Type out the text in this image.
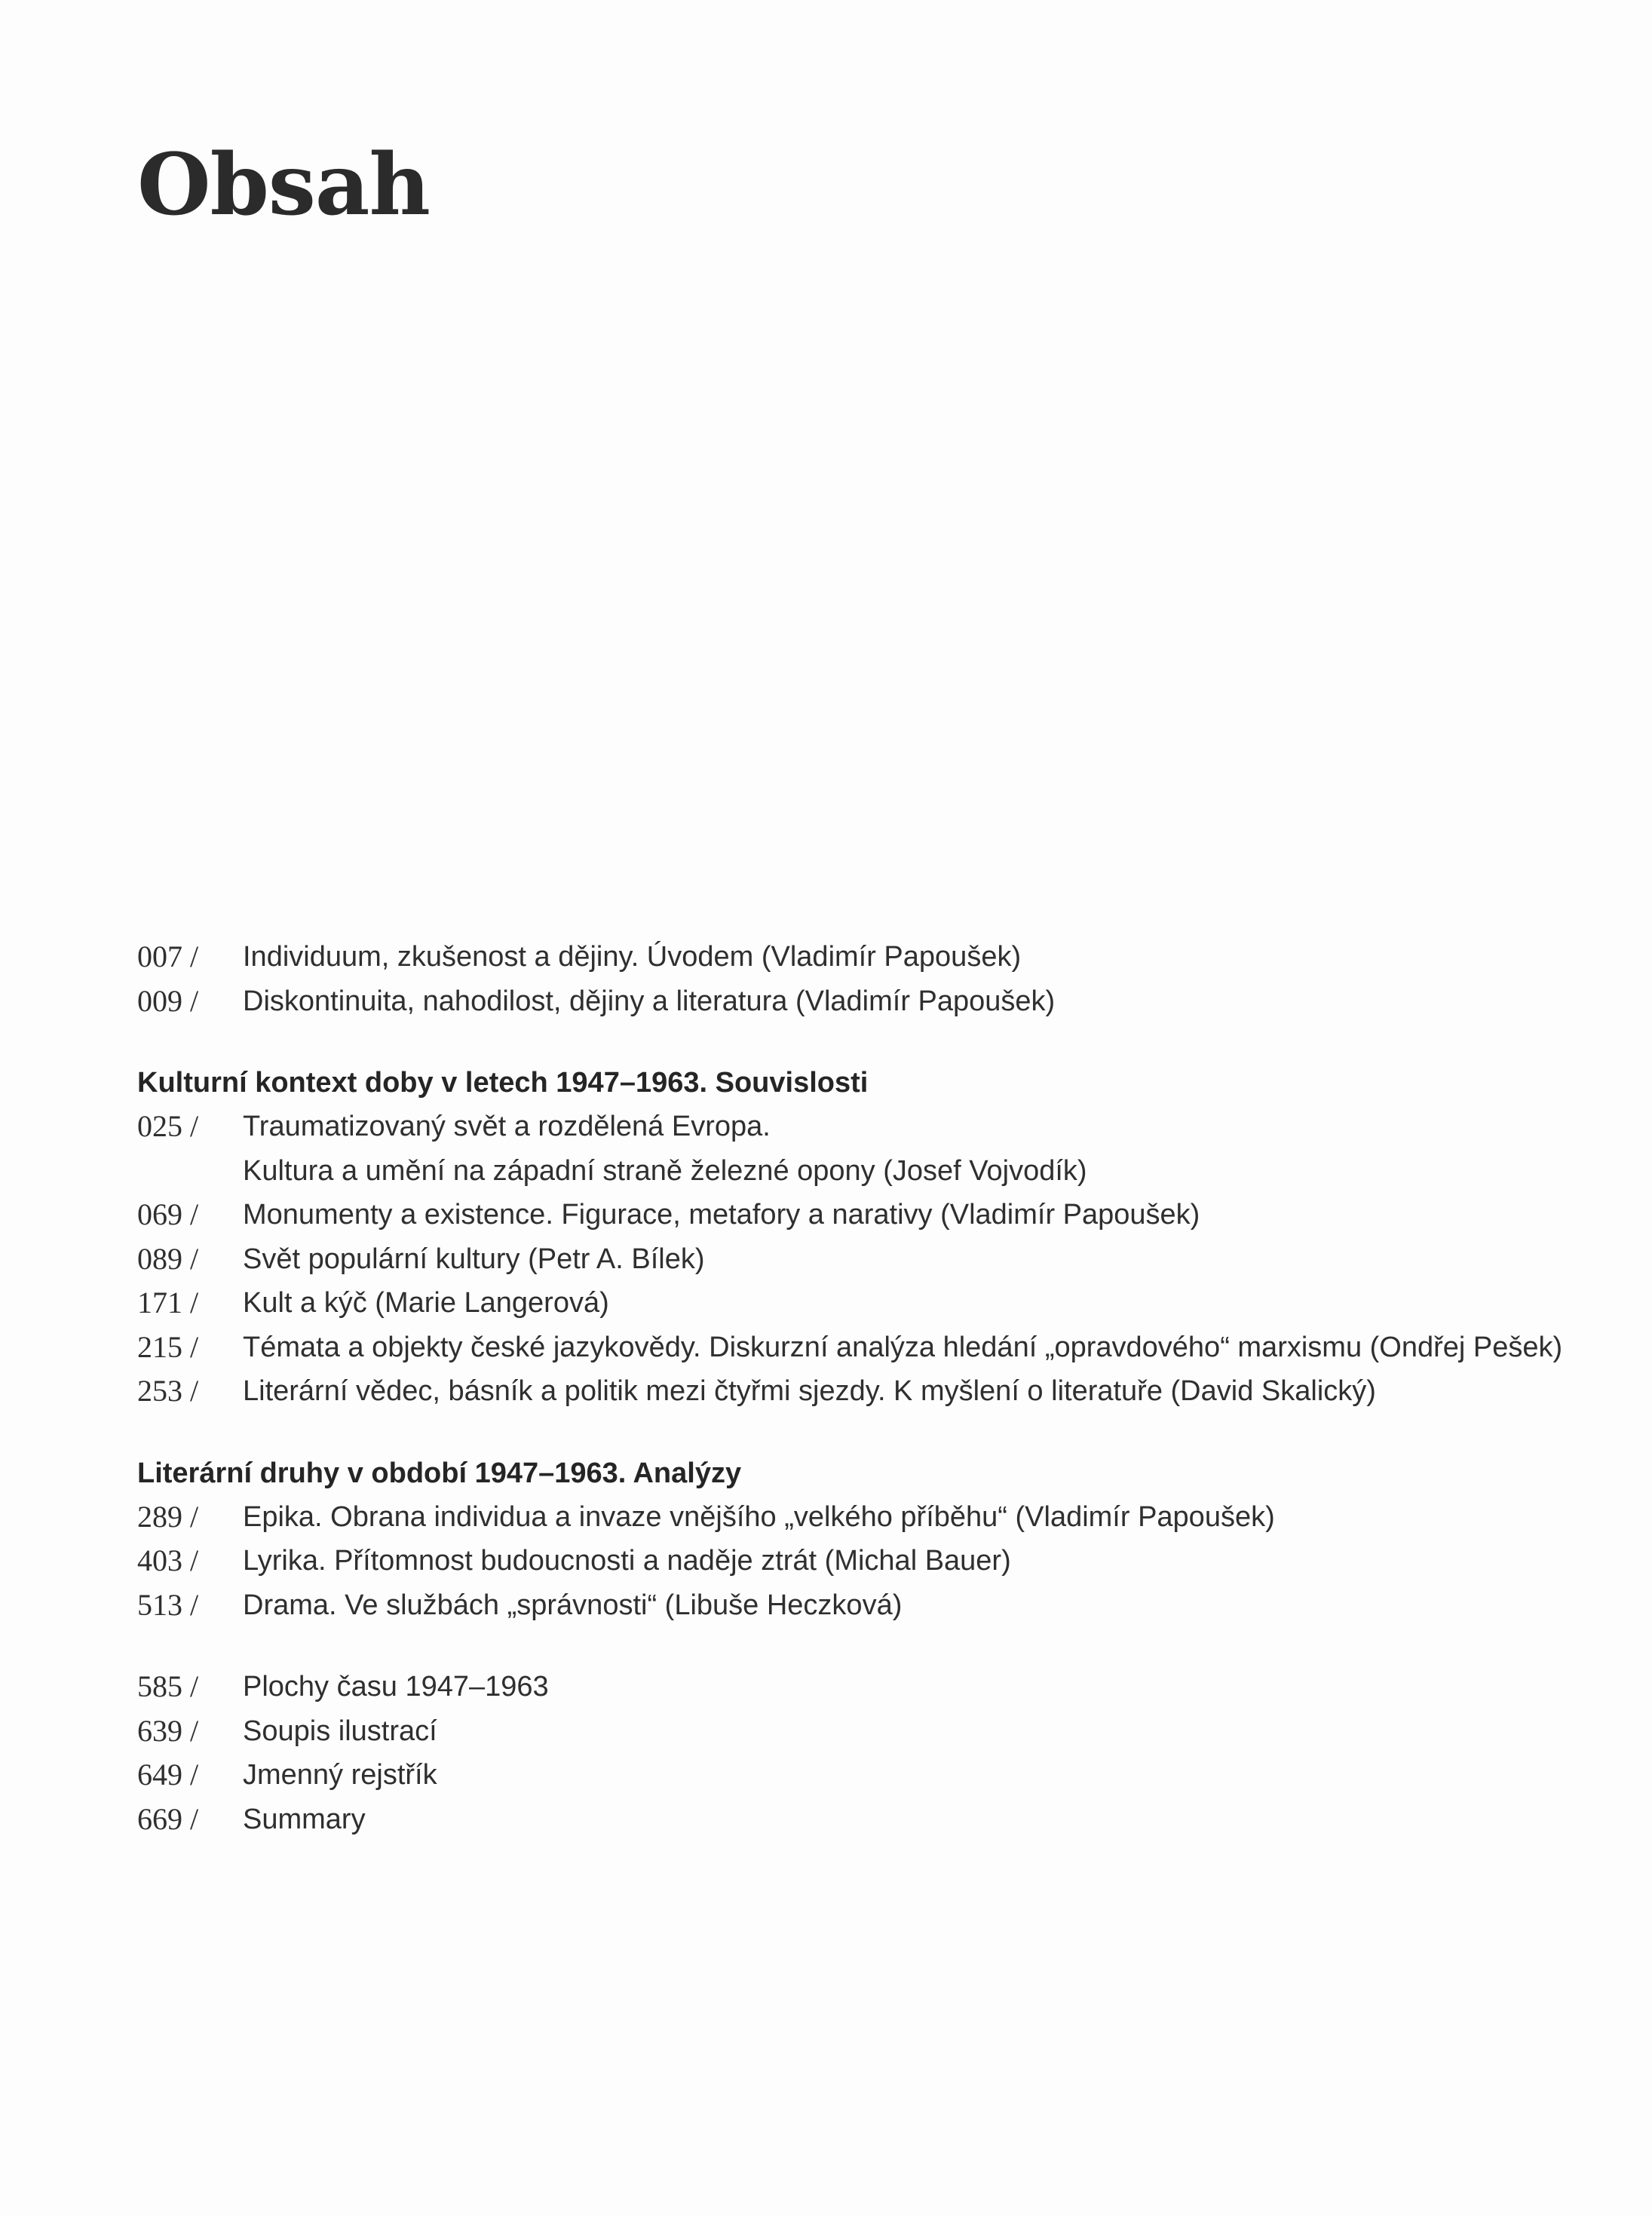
Obsah
007 /	Individuum, zkušenost a dějiny. Úvodem (Vladimír Papoušek)
009 /	Diskontinuita, nahodilost, dějiny a literatura (Vladimír Papoušek)
Kulturní kontext doby v letech 1947–1963. Souvislosti
025 /	Traumatizovaný svět a rozdělená Evropa.
Kultura a umění na západní straně železné opony (Josef Vojvodík)
069 /	Monumenty a existence. Figurace, metafory a narativy (Vladimír Papoušek)
089 /	Svět populární kultury (Petr A. Bílek)
171 /	Kult a kýč (Marie Langerová)
215 /	Témata a objekty české jazykovědy. Diskurzní analýza hledání „opravdového“ marxismu (Ondřej Pešek)
253 /	Literární vědec, básník a politik mezi čtyřmi sjezdy. K myšlení o literatuře (David Skalický)
Literární druhy v období 1947–1963. Analýzy
289 /	Epika. Obrana individua a invaze vnějšího „velkého příběhu“ (Vladimír Papoušek)
403 /	Lyrika. Přítomnost budoucnosti a naděje ztrát (Michal Bauer)
513 /	Drama. Ve službách „správnosti“ (Libuše Heczková)
585 /	Plochy času 1947–1963
639 /	Soupis ilustrací
649 /	Jmenný rejstřík
669 /	Summary
